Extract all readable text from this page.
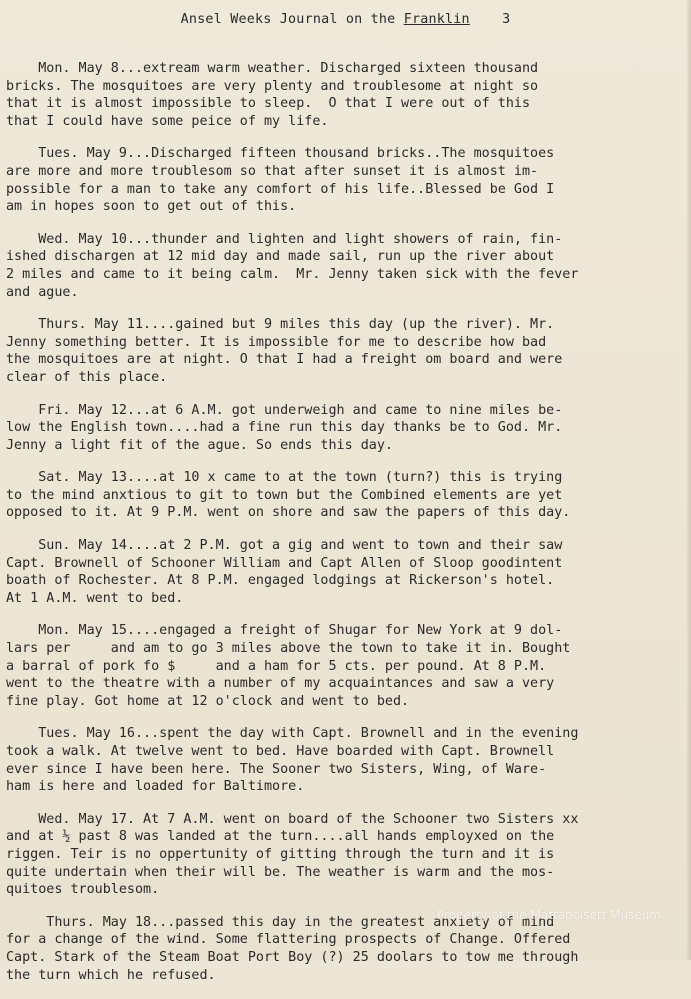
Ansel Weeks Journal on the Franklin 3
Mon. May 8...extream warm weather. Discharged sixteen thousand
bricks. The mosquitoes are very plenty and troublesome at night so
that it is almost impossible to sleep.  O that I were out of this
that I could have some peice of my life.
Tues. May 9...Discharged fifteen thousand bricks..The mosquitoes
are more and more troublesom so that after sunset it is almost im-
possible for a man to take any comfort of his life..Blessed be God I
am in hopes soon to get out of this.
Wed. May 10...thunder and lighten and light showers of rain, fin-
ished dischargen at 12 mid day and made sail, run up the river about
2 miles and came to it being calm.  Mr. Jenny taken sick with the fever
and ague.
Thurs. May 11....gained but 9 miles this day (up the river). Mr.
Jenny something better. It is impossible for me to describe how bad
the mosquitoes are at night. O that I had a freight om board and were
clear of this place.
Fri. May 12...at 6 A.M. got underweigh and came to nine miles be-
low the English town....had a fine run this day thanks be to God. Mr.
Jenny a light fit of the ague. So ends this day.
Sat. May 13....at 10 x came to at the town (turn?) this is trying
to the mind anxtious to git to town but the Combined elements are yet
opposed to it. At 9 P.M. went on shore and saw the papers of this day.
Sun. May 14....at 2 P.M. got a gig and went to town and their saw
Capt. Brownell of Schooner William and Capt Allen of Sloop goodintent
boath of Rochester. At 8 P.M. engaged lodgings at Rickerson's hotel.
At 1 A.M. went to bed.
Mon. May 15....engaged a freight of Shugar for New York at 9 dol-
lars per     and am to go 3 miles above the town to take it in. Bought
a barral of pork fo $     and a ham for 5 cts. per pound. At 8 P.M.
went to the theatre with a number of my acquaintances and saw a very
fine play. Got home at 12 o'clock and went to bed.
Tues. May 16...spent the day with Capt. Brownell and in the evening
took a walk. At twelve went to bed. Have boarded with Capt. Brownell
ever since I have been here. The Sooner two Sisters, Wing, of Ware-
ham is here and loaded for Baltimore.
Wed. May 17. At 7 A.M. went on board of the Schooner two Sisters xx
and at ½ past 8 was landed at the turn....all hands employxed on the
riggen. Teir is no oppertunity of gitting through the turn and it is
quite undertain when their will be. The weather is warm and the mos-
quitoes troublesom.
Thurs. May 18...passed this day in the greatest anxiety of mind
for a change of the wind. Some flattering prospects of Change. Offered
Capt. Stark of the Steam Boat Port Boy (?) 25 doolars to tow me through
the turn which he refused.
Property of the Mattapoisett Museum
